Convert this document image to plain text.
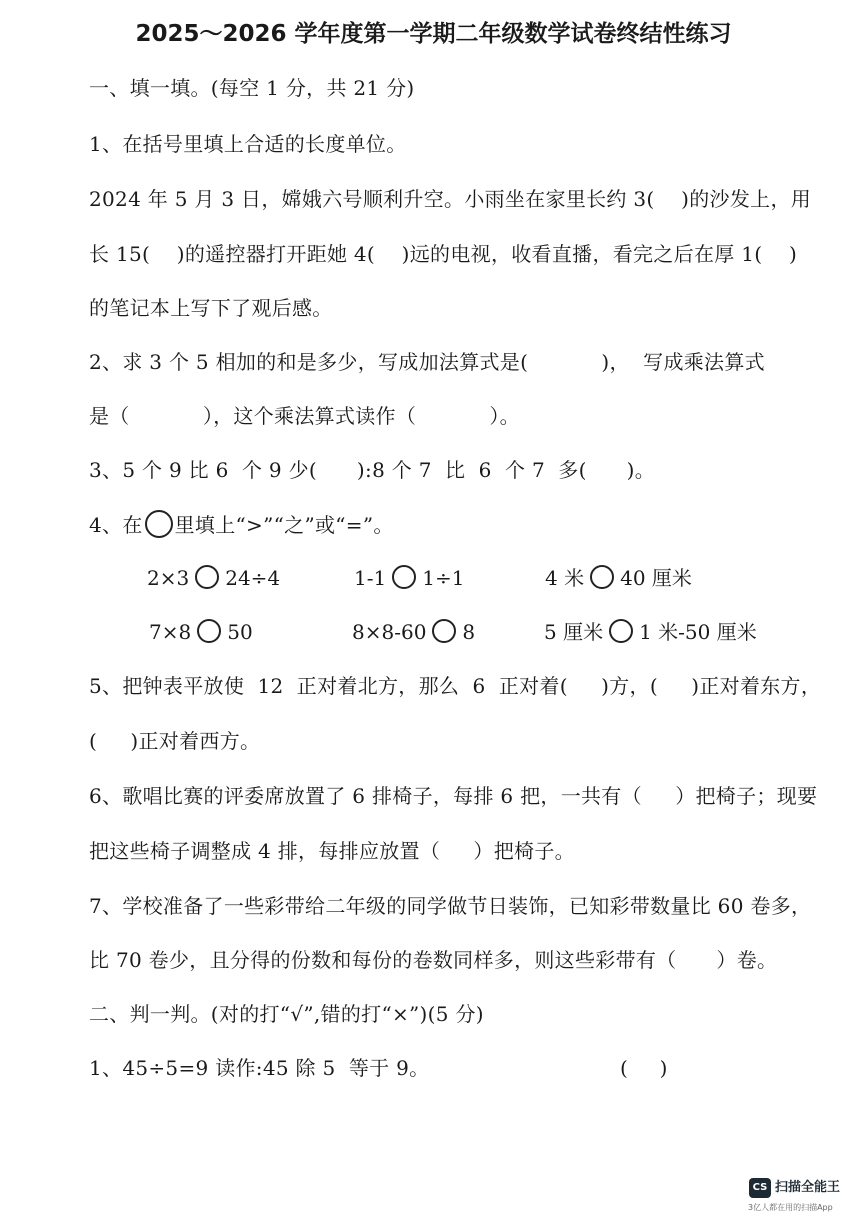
2025～2026 学年度第一学期二年级数学试卷终结性练习
一、填一填。(每空 1 分，共 21 分)
1、在括号里填上合适的长度单位。
2024 年 5 月 3 日，嫦娥六号顺利升空。小雨坐在家里长约 3(    )的沙发上，用
长 15(    )的遥控器打开距她 4(    )远的电视，收看直播，看完之后在厚 1(    )
的笔记本上写下了观后感。
2、求 3 个 5 相加的和是多少，写成加法算式是(           )，  写成乘法算式
是（           ），这个乘法算式读作（           ）。
3、5 个 9 比 6  个 9 少(      ):8 个 7  比  6  个 7  多(      )。
4、在 里填上“>”“之”或“=”。
2×3 24÷4	1-1 1÷1	4 米 40 厘米
7×8 50	8×8-60 8	5 厘米 1 米-50 厘米
5、把钟表平放使  12  正对着北方，那么  6  正对着(     )方，(     )正对着东方，
(     )正对着西方。
6、歌唱比赛的评委席放置了 6 排椅子，每排 6 把，一共有（     ）把椅子；现要
把这些椅子调整成 4 排，每排应放置（     ）把椅子。
7、学校准备了一些彩带给二年级的同学做节日装饰，已知彩带数量比 60 卷多，
比 70 卷少，且分得的份数和每份的卷数同样多，则这些彩带有（      ）卷。
二、判一判。(对的打“√”,错的打“×”)(5 分)
1、45÷5=9 读作:45 除 5  等于 9。	(     )
CS 扫描全能王
3亿人都在用的扫描App
